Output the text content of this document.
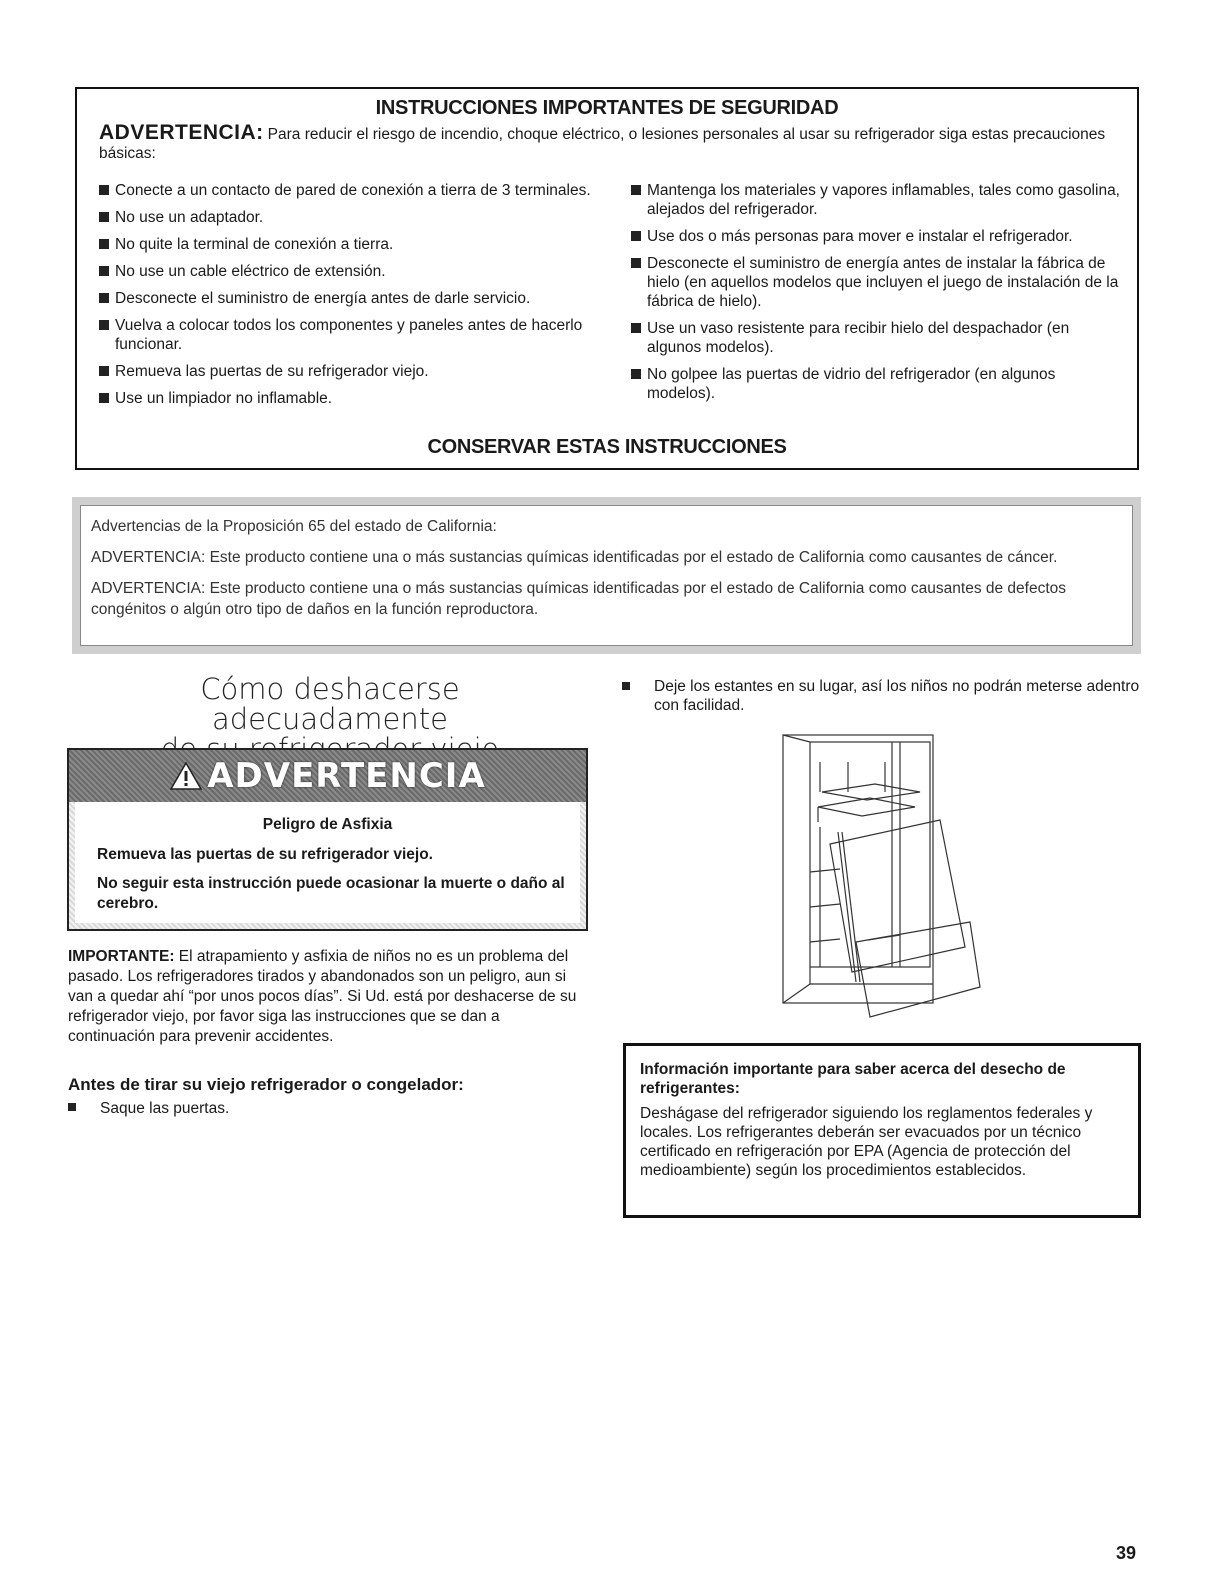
INSTRUCCIONES IMPORTANTES DE SEGURIDAD
ADVERTENCIA: Para reducir el riesgo de incendio, choque eléctrico, o lesiones personales al usar su refrigerador siga estas precauciones básicas:
Conecte a un contacto de pared de conexión a tierra de 3 terminales.
No use un adaptador.
No quite la terminal de conexión a tierra.
No use un cable eléctrico de extensión.
Desconecte el suministro de energía antes de darle servicio.
Vuelva a colocar todos los componentes y paneles antes de hacerlo funcionar.
Remueva las puertas de su refrigerador viejo.
Use un limpiador no inflamable.
Mantenga los materiales y vapores inflamables, tales como gasolina, alejados del refrigerador.
Use dos o más personas para mover e instalar el refrigerador.
Desconecte el suministro de energía antes de instalar la fábrica de hielo (en aquellos modelos que incluyen el juego de instalación de la fábrica de hielo).
Use un vaso resistente para recibir hielo del despachador (en algunos modelos).
No golpee las puertas de vidrio del refrigerador (en algunos modelos).
CONSERVAR ESTAS INSTRUCCIONES

Advertencias de la Proposición 65 del estado de California:

ADVERTENCIA: Este producto contiene una o más sustancias químicas identificadas por el estado de California como causantes de cáncer.

ADVERTENCIA: Este producto contiene una o más sustancias químicas identificadas por el estado de California como causantes de defectos congénitos o algún otro tipo de daños en la función reproductora.

Cómo deshacerse adecuadamente
ADVERTENCIA
Peligro de Asfixia
Remueva las puertas de su refrigerador viejo.
No seguir esta instrucción puede ocasionar la muerte o daño al cerebro.
IMPORTANTE: El atrapamiento y asfixia de niños no es un problema del pasado. Los refrigeradores tirados y abandonados son un peligro, aun si van a quedar ahí “por unos pocos días”. Si Ud. está por deshacerse de su refrigerador viejo, por favor siga las instrucciones que se dan a continuación para prevenir accidentes.
Antes de tirar su viejo refrigerador o congelador:
Saque las puertas.
Deje los estantes en su lugar, así los niños no podrán meterse adentro con facilidad.
Información importante para saber acerca del desecho de refrigerantes:
Deshágase del refrigerador siguiendo los reglamentos federales y locales. Los refrigerantes deberán ser evacuados por un técnico certificado en refrigeración por EPA (Agencia de protección del medioambiente) según los procedimientos establecidos.
39
